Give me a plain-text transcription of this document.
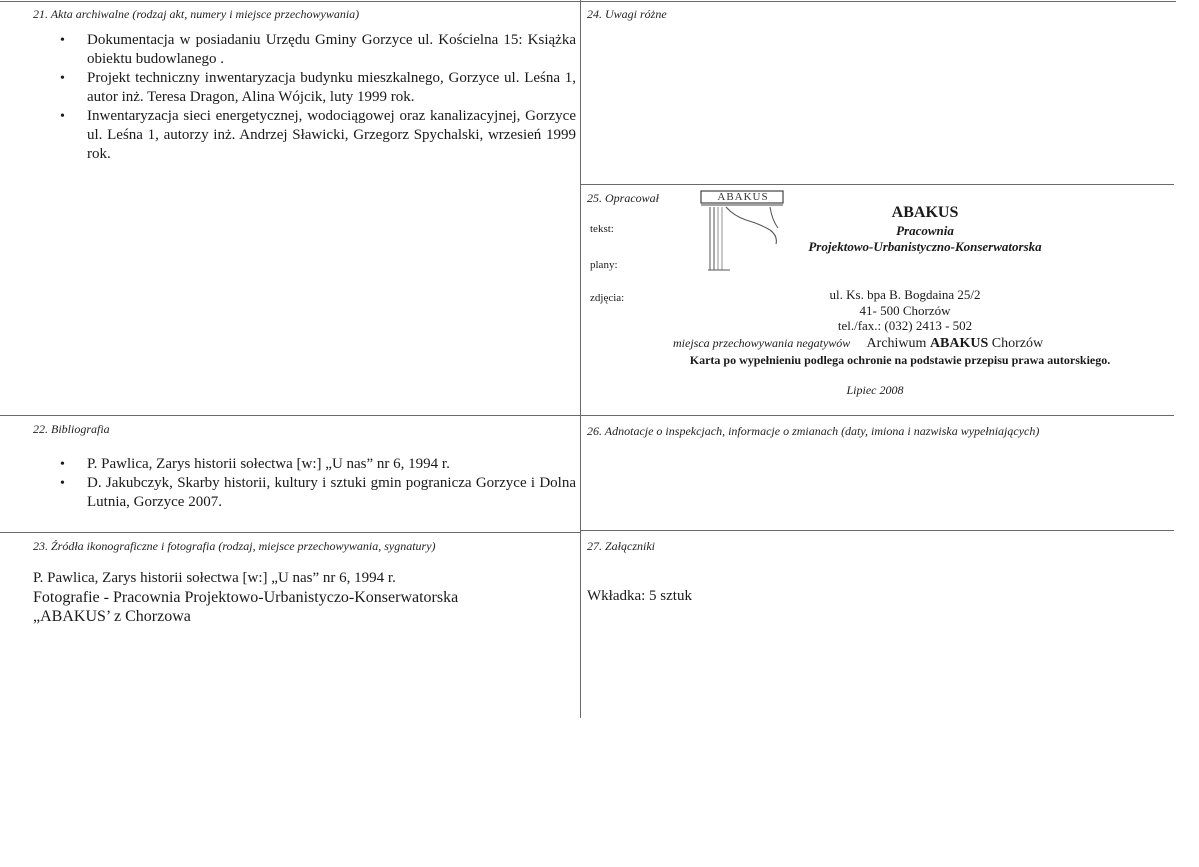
21. Akta archiwalne (rodzaj akt, numery i miejsce przechowywania)
• Dokumentacja w posiadaniu Urzędu Gminy Gorzyce ul. Kościelna 15: Książka obiektu budowlanego .
• Projekt techniczny inwentaryzacja budynku mieszkalnego, Gorzyce ul. Leśna 1, autor inż. Teresa Dragon, Alina Wójcik, luty 1999 rok.
• Inwentaryzacja sieci energetycznej, wodociągowej oraz kanalizacyjnej, Gorzyce ul. Leśna 1, autorzy inż. Andrzej Sławicki, Grzegorz Spychalski, wrzesień 1999 rok.
24. Uwagi różne
25. Opracował
tekst:
plany:
zdjęcia:
ABAKUS
ABAKUS
Pracownia
Projektowo-Urbanistyczno-Konserwatorska
ul. Ks. bpa B. Bogdaina 25/2
41- 500 Chorzów
tel./fax.: (032) 2413 - 502
miejsca przechowywania negatywów Archiwum ABAKUS Chorzów
Karta po wypełnieniu podlega ochronie na podstawie przepisu prawa autorskiego.
Lipiec 2008
22. Bibliografia
• P. Pawlica, Zarys historii sołectwa [w:] „U nas” nr 6, 1994 r.
• D. Jakubczyk, Skarby historii, kultury i sztuki gmin pogranicza Gorzyce i Dolna Lutnia, Gorzyce 2007.
26. Adnotacje o inspekcjach, informacje o zmianach (daty, imiona i nazwiska wypełniających)
23. Źródła ikonograficzne i fotografia (rodzaj, miejsce przechowywania, sygnatury)
P. Pawlica, Zarys historii sołectwa [w:] „U nas” nr 6, 1994 r.
Fotografie - Pracownia Projektowo-Urbanistyczo-Konserwatorska
„ABAKUS’ z Chorzowa
27. Załączniki
Wkładka: 5 sztuk
